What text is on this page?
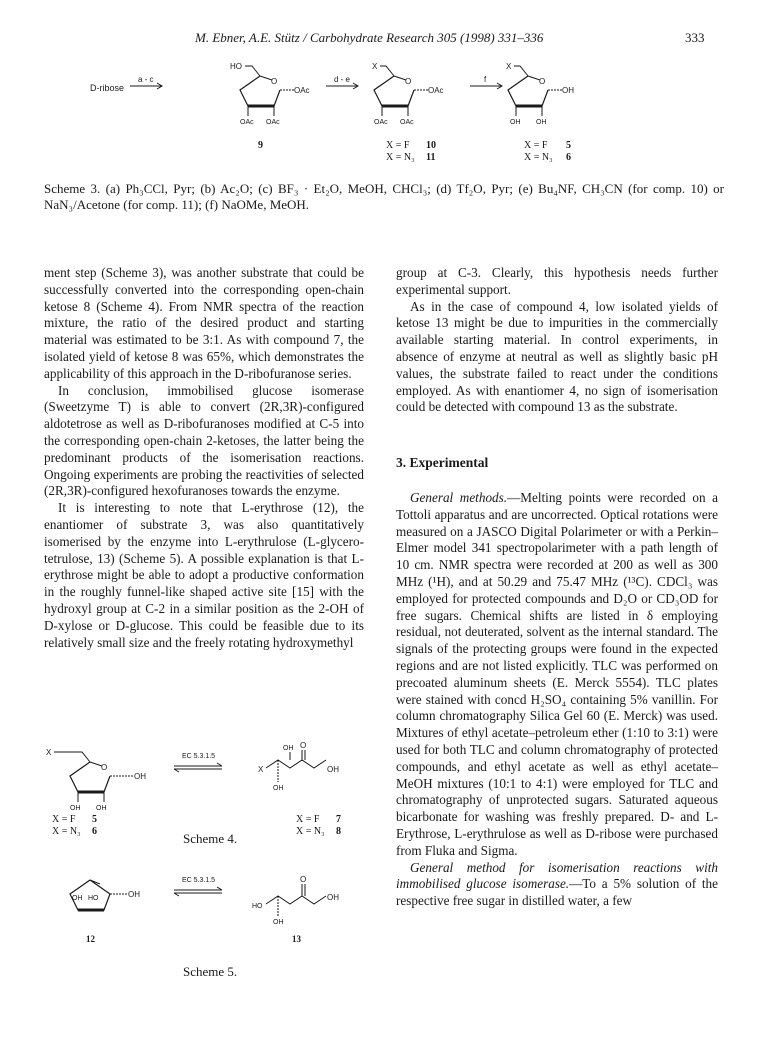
M. Ebner, A.E. Stütz / Carbohydrate Research 305 (1998) 331–336	333
D-ribose
a - c
HO
O
OAc
OAc OAc
9
d - e
X
O
OAc
OAc OAc
X = F 10
X = N₃ 11
f
X
O
OH
OH OH
X = F 5
X = N₃ 6
Scheme 3. (a) Ph₃CCl, Pyr; (b) Ac₂O; (c) BF₃ · Et₂O, MeOH, CHCl₃; (d) Tf₂O, Pyr; (e) Bu₄NF, CH₃CN (for comp. 10) or NaN₃/Acetone (for comp. 11); (f) NaOMe, MeOH.

ment step (Scheme 3), was another substrate that could be successfully converted into the corresponding open-chain ketose 8 (Scheme 4). From NMR spectra of the reaction mixture, the ratio of the desired product and starting material was estimated to be 3:1. As with compound 7, the isolated yield of ketose 8 was 65%, which demonstrates the applicability of this approach in the D-ribofuranose series.

In conclusion, immobilised glucose isomerase (Sweetzyme T) is able to convert (2R,3R)-configured aldotetrose as well as D-ribofuranoses modified at C-5 into the corresponding open-chain 2-ketoses, the latter being the predominant products of the isomerisation reactions. Ongoing experiments are probing the reactivities of selected (2R,3R)-configured hexofuranoses towards the enzyme.

It is interesting to note that L-erythrose (12), the enantiomer of substrate 3, was also quantitatively isomerised by the enzyme into L-erythrulose (L-glycero-tetrulose, 13) (Scheme 5). A possible explanation is that L-erythrose might be able to adopt a productive conformation in the roughly funnel-like shaped active site [15] with the hydroxyl group at C-2 in a similar position as the 2-OH of D-xylose or D-glucose. This could be feasible due to its relatively small size and the freely rotating hydroxymethyl

group at C-3. Clearly, this hypothesis needs further experimental support.

As in the case of compound 4, low isolated yields of ketose 13 might be due to impurities in the commercially available starting material. In control experiments, in absence of enzyme at neutral as well as slightly basic pH values, the substrate failed to react under the conditions employed. As with enantiomer 4, no sign of isomerisation could be detected with compound 13 as the substrate.

3. Experimental

General methods.—Melting points were recorded on a Tottoli apparatus and are uncorrected. Optical rotations were measured on a JASCO Digital Polarimeter or with a Perkin–Elmer model 341 spectropolarimeter with a path length of 10 cm. NMR spectra were recorded at 200 as well as 300 MHz (¹H), and at 50.29 and 75.47 MHz (¹³C). CDCl₃ was employed for protected compounds and D₂O or CD₃OD for free sugars. Chemical shifts are listed in δ employing residual, not deuterated, solvent as the internal standard. The signals of the protecting groups were found in the expected regions and are not listed explicitly. TLC was performed on precoated aluminum sheets (E. Merck 5554). TLC plates were stained with concd H₂SO₄ containing 5% vanillin. For column chromatography Silica Gel 60 (E. Merck) was used. Mixtures of ethyl acetate–petroleum ether (1:10 to 3:1) were used for both TLC and column chromatography of protected compounds, and ethyl acetate as well as ethyl acetate–MeOH mixtures (10:1 to 4:1) were employed for TLC and chromatography of unprotected sugars. Saturated aqueous bicarbonate for washing was freshly prepared. D- and L-Erythrose, L-erythrulose as well as D-ribose were purchased from Fluka and Sigma.

General method for isomerisation reactions with immobilised glucose isomerase.—To a 5% solution of the respective free sugar in distilled water, a few

X
O
OH
OH OH
EC 5.3.1.5
X
OH O
OH
OH
X = F 5
X = N₃ 6
X = F 7
X = N₃ 8
Scheme 4.
OH HO	OH
12
EC 5.3.1.5
HO
O
OH
OH
13
Scheme 5.
